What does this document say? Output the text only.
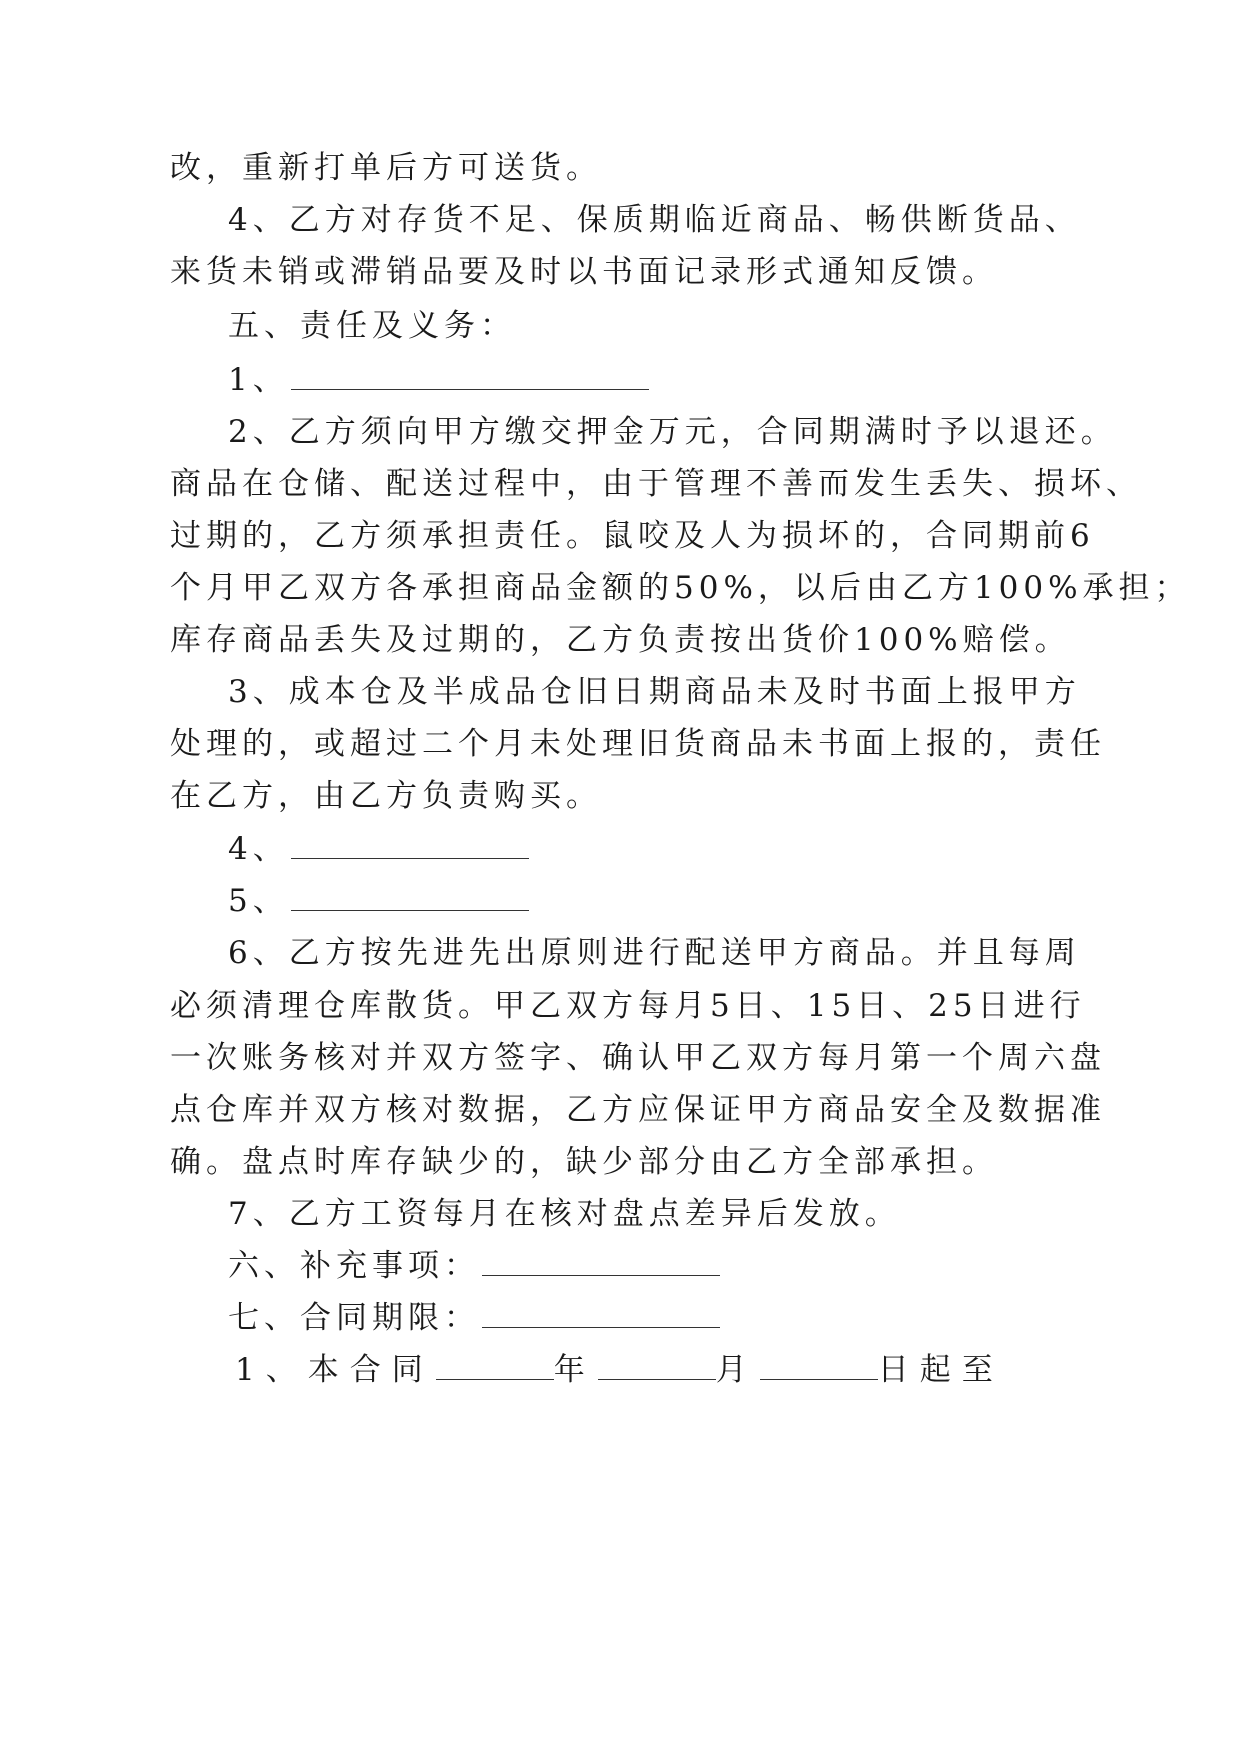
改，重新打单后方可送货。
4、乙方对存货不足、保质期临近商品、畅供断货品、
来货未销或滞销品要及时以书面记录形式通知反馈。
五、责任及义务：
1、
2、乙方须向甲方缴交押金万元，合同期满时予以退还。
商品在仓储、配送过程中，由于管理不善而发生丢失、损坏、
过期的，乙方须承担责任。鼠咬及人为损坏的，合同期前6
个月甲乙双方各承担商品金额的50%，以后由乙方100%承担；
库存商品丢失及过期的，乙方负责按出货价100%赔偿。
3、成本仓及半成品仓旧日期商品未及时书面上报甲方
处理的，或超过二个月未处理旧货商品未书面上报的，责任
在乙方，由乙方负责购买。
4、
5、
6、乙方按先进先出原则进行配送甲方商品。并且每周
必须清理仓库散货。甲乙双方每月5日、15日、25日进行
一次账务核对并双方签字、确认甲乙双方每月第一个周六盘
点仓库并双方核对数据，乙方应保证甲方商品安全及数据准
确。盘点时库存缺少的，缺少部分由乙方全部承担。
7、乙方工资每月在核对盘点差异后发放。
六、补充事项：
七、合同期限：
1、本合同	年	月	日起至
